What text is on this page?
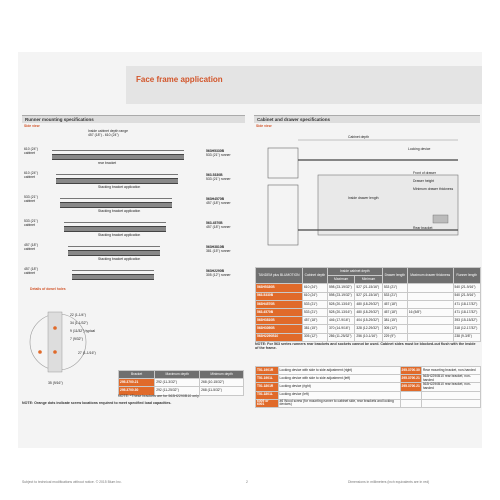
Face frame application
Runner mounting specifications
Side view
Inside cabinet depth range
457 (18") - 610 (24")
610 (24")
cabinet	563H5330B
533 (21") runner
rear bracket
610 (24")
cabinet	563.5330B
533 (21") runner
Stacking bracket application
533 (21")
cabinet	563H4570B
457 (18") runner
Stacking bracket application
533 (21")
cabinet	563.4570B
457 (18") runner
Stacking bracket application
457 (18")
cabinet	563H3810B
381 (15") runner
Stacking bracket application
457 (18")
cabinet	563H2290B
305 (12") runner
Details of dowel holes
22 (1-1/4")
34 (1-1/32")
9 (11/32") typical
7 (9/32")
27 (1-1/16")
35 (9/16")
Bracket	Maximum depth	Minimum depth
295.3700.21	292 (11-3/32")	268 (10-15/32")
295.3700.30	292 (11-25/32")	268 (11-5/32")
NOTE: *These brackets are for 563H2290B10 only.
NOTE: Orange dots indicate screw locations required to meet specified load capacities.
Cabinet and drawer specifications
Side view
Locking device
Cabinet depth
Inside drawer length
Front of drawer
Drawer height
Minimum drawer thickness
Rear bracket
TANDEM plus BLUMOTION	Cabinet depth	Inside cabinet depth		Drawer length	Maximum drawer thickness	Runner length
		Maximum	Minimum			
563H5330B	610 (24")	598 (23-19/32")	527 (21-15/16")	533 (21")		540 (21-9/16")
563.5330B	610 (24")	598 (23-19/32")	527 (21-15/16")	533 (21")		540 (21-9/16")
563H4570B	533 (21")	528 (20-13/16")	480 (18-29/32")	457 (18")		471 (18-17/32")
563.4570B	533 (21")	528 (20-13/16")	480 (18-29/32")	457 (18")	16 (5/8")	471 (18-17/32")
563H3810B	457 (18")	446 (17-9/16")	404 (15-29/32")	381 (15")		393 (15-15/32")
563H3050B	381 (15")	370 (14-9/16")	328 (12-29/32")	305 (12")		318 (12-17/32")
563H2290B10	305 (12")	286 (11-25/32")	256 (10-1/16")	229 (9")		238 (9-3/8")
NOTE: For 563 series runners rear brackets and sockets cannot be used. Cabinet sides must be blocked-out flush with the inside of the frame.
T51.1901R	Locking device with side to side adjustment (right)	295.3700.30	Rear mounting bracket, non-handed
T51.1901L	Locking device with side to side adjustment (left)	295.3700.21	563H2290B10 rear bracket, non-handed
T51.1801R	Locking device (right)	295.3700.21	563H2290B10 rear bracket, non-handed
T51.1801L	Locking device (left)		
6009 or 6001	#6 Wood screw (for mounting runner to cabinet side, rear brackets and locking devices)		
Subject to technical modifications without notice. © 2015 Blum Inc.	2	Dimensions in millimeters (inch equivalents are in red)
